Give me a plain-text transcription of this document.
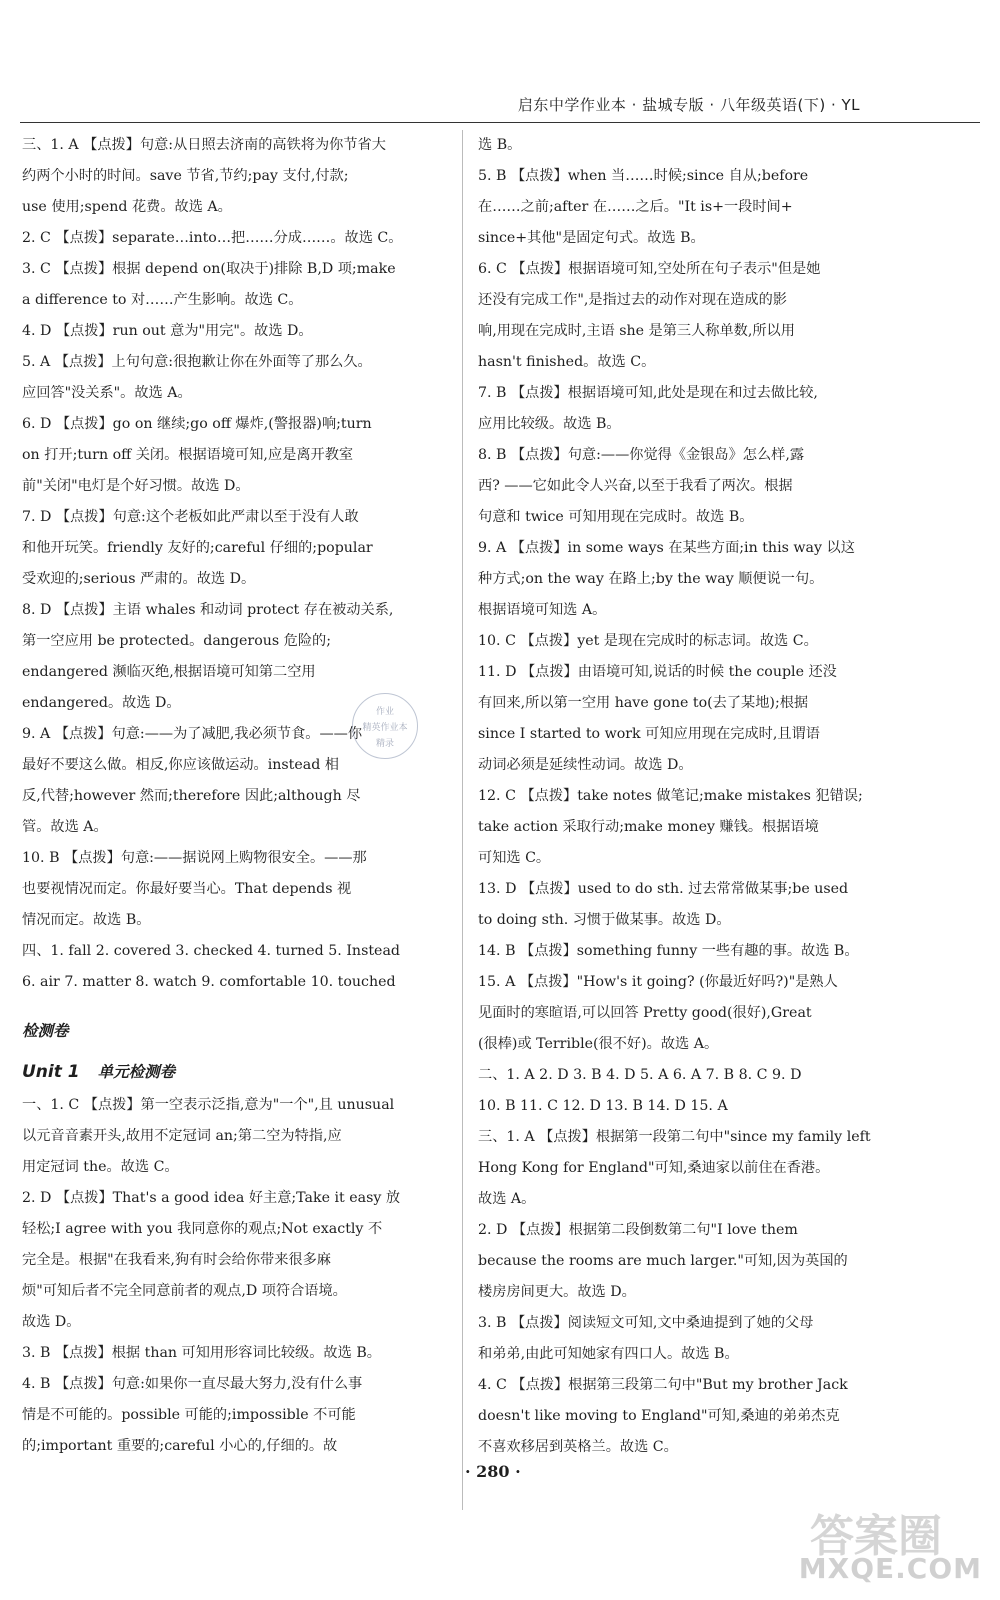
启东中学作业本 · 盐城专版 · 八年级英语(下) · YL
三、1. A 【点拨】句意:从日照去济南的高铁将为你节省大
约两个小时的时间。save 节省,节约;pay 支付,付款;
use 使用;spend 花费。故选 A。
2. C 【点拨】separate…into…把……分成……。故选 C。
3. C 【点拨】根据 depend on(取决于)排除 B,D 项;make
a difference to 对……产生影响。故选 C。
4. D 【点拨】run out 意为"用完"。故选 D。
5. A 【点拨】上句句意:很抱歉让你在外面等了那么久。
应回答"没关系"。故选 A。
6. D 【点拨】go on 继续;go off 爆炸,(警报器)响;turn
on 打开;turn off 关闭。根据语境可知,应是离开教室
前"关闭"电灯是个好习惯。故选 D。
7. D 【点拨】句意:这个老板如此严肃以至于没有人敢
和他开玩笑。friendly 友好的;careful 仔细的;popular
受欢迎的;serious 严肃的。故选 D。
8. D 【点拨】主语 whales 和动词 protect 存在被动关系,
第一空应用 be protected。dangerous 危险的;
endangered 濒临灭绝,根据语境可知第二空用
endangered。故选 D。
9. A 【点拨】句意:——为了减肥,我必须节食。——你
最好不要这么做。相反,你应该做运动。instead 相
反,代替;however 然而;therefore 因此;although 尽
管。故选 A。
10. B 【点拨】句意:——据说网上购物很安全。——那
也要视情况而定。你最好要当心。That depends 视
情况而定。故选 B。
四、1. fall 2. covered 3. checked 4. turned 5. Instead
6. air 7. matter 8. watch 9. comfortable 10. touched
检测卷
Unit 1 单元检测卷
一、1. C 【点拨】第一空表示泛指,意为"一个",且 unusual
以元音音素开头,故用不定冠词 an;第二空为特指,应
用定冠词 the。故选 C。
2. D 【点拨】That's a good idea 好主意;Take it easy 放
轻松;I agree with you 我同意你的观点;Not exactly 不
完全是。根据"在我看来,狗有时会给你带来很多麻
烦"可知后者不完全同意前者的观点,D 项符合语境。
故选 D。
3. B 【点拨】根据 than 可知用形容词比较级。故选 B。
4. B 【点拨】句意:如果你一直尽最大努力,没有什么事
情是不可能的。possible 可能的;impossible 不可能
的;important 重要的;careful 小心的,仔细的。故
选 B。
5. B 【点拨】when 当……时候;since 自从;before
在……之前;after 在……之后。"It is+一段时间+
since+其他"是固定句式。故选 B。
6. C 【点拨】根据语境可知,空处所在句子表示"但是她
还没有完成工作",是指过去的动作对现在造成的影
响,用现在完成时,主语 she 是第三人称单数,所以用
hasn't finished。故选 C。
7. B 【点拨】根据语境可知,此处是现在和过去做比较,
应用比较级。故选 B。
8. B 【点拨】句意:——你觉得《金银岛》怎么样,露
西? ——它如此令人兴奋,以至于我看了两次。根据
句意和 twice 可知用现在完成时。故选 B。
9. A 【点拨】in some ways 在某些方面;in this way 以这
种方式;on the way 在路上;by the way 顺便说一句。
根据语境可知选 A。
10. C 【点拨】yet 是现在完成时的标志词。故选 C。
11. D 【点拨】由语境可知,说话的时候 the couple 还没
有回来,所以第一空用 have gone to(去了某地);根据
since I started to work 可知应用现在完成时,且谓语
动词必须是延续性动词。故选 D。
12. C 【点拨】take notes 做笔记;make mistakes 犯错误;
take action 采取行动;make money 赚钱。根据语境
可知选 C。
13. D 【点拨】used to do sth. 过去常常做某事;be used
to doing sth. 习惯于做某事。故选 D。
14. B 【点拨】something funny 一些有趣的事。故选 B。
15. A 【点拨】"How's it going? (你最近好吗?)"是熟人
见面时的寒暄语,可以回答 Pretty good(很好),Great
(很棒)或 Terrible(很不好)。故选 A。
二、1. A 2. D 3. B 4. D 5. A 6. A 7. B 8. C 9. D
10. B 11. C 12. D 13. B 14. D 15. A
三、1. A 【点拨】根据第一段第二句中"since my family left
Hong Kong for England"可知,桑迪家以前住在香港。
故选 A。
2. D 【点拨】根据第二段倒数第二句"I love them
because the rooms are much larger."可知,因为英国的
楼房房间更大。故选 D。
3. B 【点拨】阅读短文可知,文中桑迪提到了她的父母
和弟弟,由此可知她家有四口人。故选 B。
4. C 【点拨】根据第三段第二句中"But my brother Jack
doesn't like moving to England"可知,桑迪的弟弟杰克
不喜欢移居到英格兰。故选 C。
作业
精英作业本
精录
· 280 ·
答案圈
MXQE.COM
